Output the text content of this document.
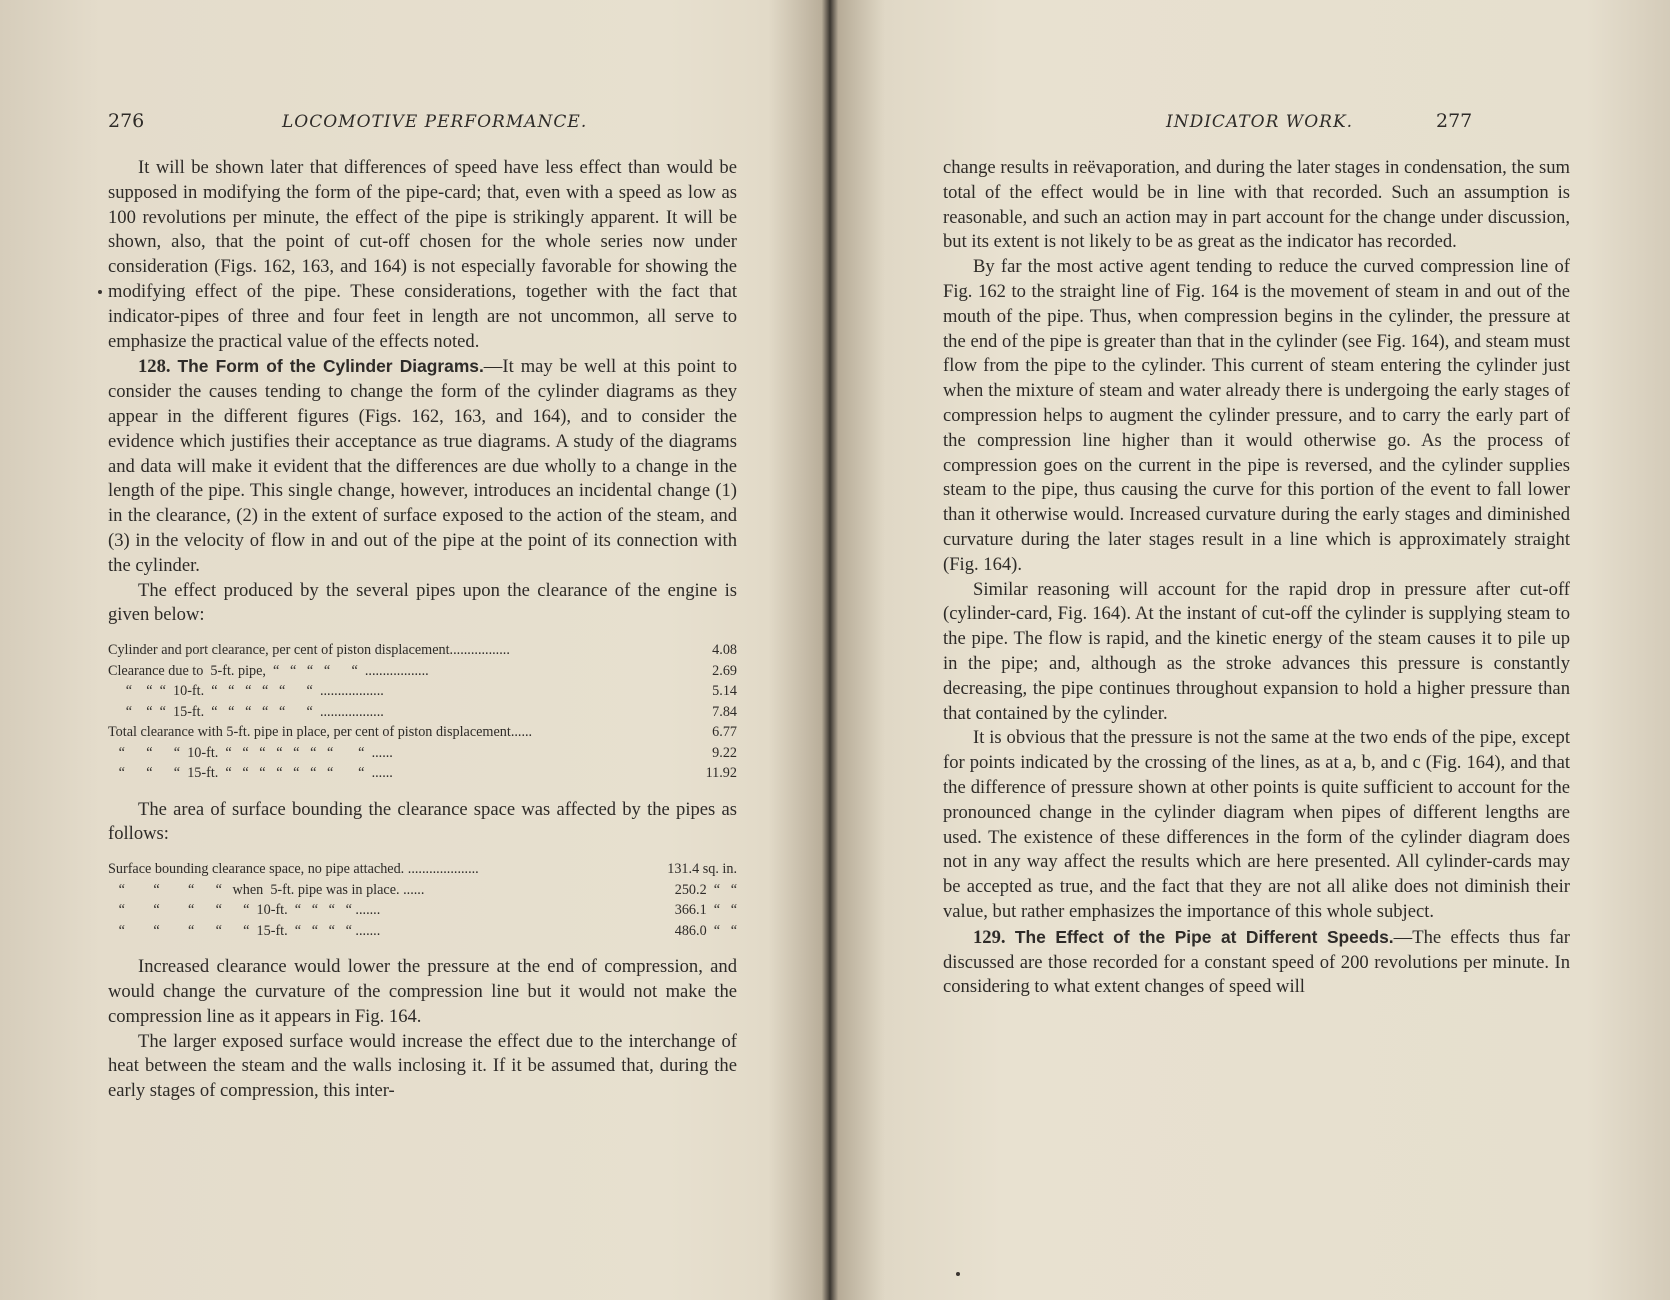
276	LOCOMOTIVE PERFORMANCE.

It will be shown later that differences of speed have less effect than would be supposed in modifying the form of the pipe-card; that, even with a speed as low as 100 revolutions per minute, the effect of the pipe is strikingly apparent. It will be shown, also, that the point of cut-off chosen for the whole series now under consideration (Figs. 162, 163, and 164) is not especially favorable for showing the modifying effect of the pipe. These considerations, together with the fact that indicator-pipes of three and four feet in length are not uncommon, all serve to emphasize the practical value of the effects noted.

128. The Form of the Cylinder Diagrams.—It may be well at this point to consider the causes tending to change the form of the cylinder diagrams as they appear in the different figures (Figs. 162, 163, and 164), and to consider the evidence which justifies their acceptance as true diagrams. A study of the diagrams and data will make it evident that the differences are due wholly to a change in the length of the pipe. This single change, however, introduces an incidental change (1) in the clearance, (2) in the extent of surface exposed to the action of the steam, and (3) in the velocity of flow in and out of the pipe at the point of its connection with the cylinder.

The effect produced by the several pipes upon the clearance of the engine is given below:

Cylinder and port clearance, per cent of piston displacement.................	4.08
Clearance due to  5-ft. pipe,  “   “   “   “      “ ..................	2.69
“    “  “  10-ft.  “   “   “   “   “      “ ..................	5.14
“    “  “  15-ft.  “   “   “   “   “      “ ..................	7.84
Total clearance with 5-ft. pipe in place, per cent of piston displacement......	6.77
“      “      “  10-ft.  “   “   “   “   “   “   “       “ ......	9.22
“      “      “  15-ft.  “   “   “   “   “   “   “       “ ......	11.92

The area of surface bounding the clearance space was affected by the pipes as follows:

Surface bounding clearance space, no pipe attached. ....................	131.4 sq. in.
“        “        “      “   when  5-ft. pipe was in place. ......	250.2  “   “
“        “        “      “      “  10-ft.  “   “   “   “ .......	366.1  “   “
“        “        “      “      “  15-ft.  “   “   “   “ .......	486.0  “   “

Increased clearance would lower the pressure at the end of compression, and would change the curvature of the compression line but it would not make the compression line as it appears in Fig. 164.

The larger exposed surface would increase the effect due to the interchange of heat between the steam and the walls inclosing it. If it be assumed that, during the early stages of compression, this inter-

INDICATOR WORK.	277

change results in reëvaporation, and during the later stages in condensation, the sum total of the effect would be in line with that recorded. Such an assumption is reasonable, and such an action may in part account for the change under discussion, but its extent is not likely to be as great as the indicator has recorded.

By far the most active agent tending to reduce the curved compression line of Fig. 162 to the straight line of Fig. 164 is the movement of steam in and out of the mouth of the pipe. Thus, when compression begins in the cylinder, the pressure at the end of the pipe is greater than that in the cylinder (see Fig. 164), and steam must flow from the pipe to the cylinder. This current of steam entering the cylinder just when the mixture of steam and water already there is undergoing the early stages of compression helps to augment the cylinder pressure, and to carry the early part of the compression line higher than it would otherwise go. As the process of compression goes on the current in the pipe is reversed, and the cylinder supplies steam to the pipe, thus causing the curve for this portion of the event to fall lower than it otherwise would. Increased curvature during the early stages and diminished curvature during the later stages result in a line which is approximately straight (Fig. 164).

Similar reasoning will account for the rapid drop in pressure after cut-off (cylinder-card, Fig. 164). At the instant of cut-off the cylinder is supplying steam to the pipe. The flow is rapid, and the kinetic energy of the steam causes it to pile up in the pipe; and, although as the stroke advances this pressure is constantly decreasing, the pipe continues throughout expansion to hold a higher pressure than that contained by the cylinder.

It is obvious that the pressure is not the same at the two ends of the pipe, except for points indicated by the crossing of the lines, as at a, b, and c (Fig. 164), and that the difference of pressure shown at other points is quite sufficient to account for the pronounced change in the cylinder diagram when pipes of different lengths are used. The existence of these differences in the form of the cylinder diagram does not in any way affect the results which are here presented. All cylinder-cards may be accepted as true, and the fact that they are not all alike does not diminish their value, but rather emphasizes the importance of this whole subject.

129. The Effect of the Pipe at Different Speeds.—The effects thus far discussed are those recorded for a constant speed of 200 revolutions per minute. In considering to what extent changes of speed will
